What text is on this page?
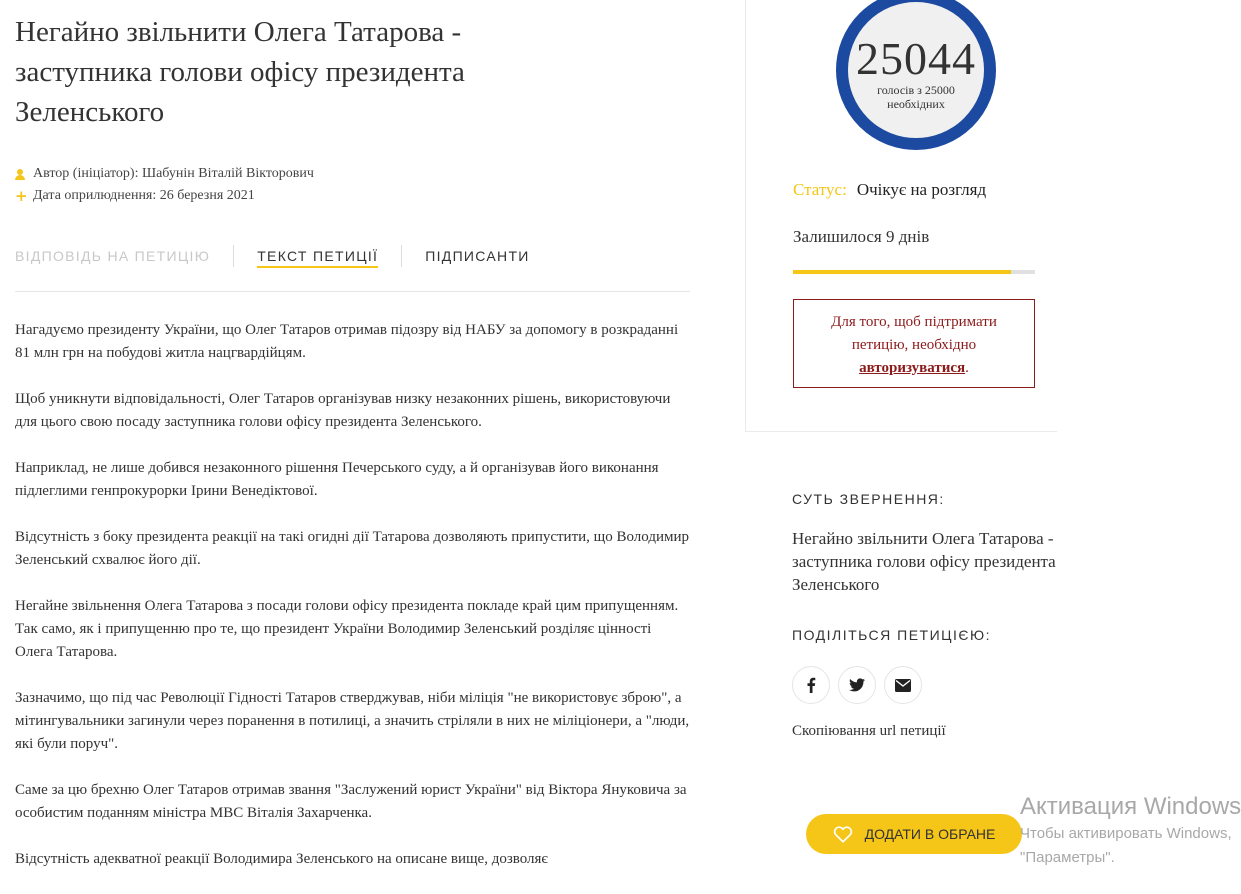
Негайно звільнити Олега Татарова - заступника голови офісу президента Зеленського
Автор (ініціатор): Шабунін Віталій Вікторович
+ Дата оприлюднення: 26 березня 2021
ВІДПОВІДЬ НА ПЕТИЦІЮ	ТЕКСТ ПЕТИЦІЇ	ПІДПИСАНТИ

Нагадуємо президенту України, що Олег Татаров отримав підозру від НАБУ за допомогу в розкраданні 81 млн грн на побудові житла нацгвардійцям.

Щоб уникнути відповідальності, Олег Татаров організував низку незаконних рішень, використовуючи для цього свою посаду заступника голови офісу президента Зеленського.

Наприклад, не лише добився незаконного рішення Печерського суду, а й організував його виконання підлеглими генпрокурорки Ірини Венедіктової.

Відсутність з боку президента реакції на такі огидні дії Татарова дозволяють припустити, що Володимир Зеленський схвалює його дії.

Негайне звільнення Олега Татарова з посади голови офісу президента покладе край цим припущенням. Так само, як і припущенню про те, що президент України Володимир Зеленський розділяє цінності Олега Татарова.

Зазначимо, що під час Революції Гідності Татаров стверджував, ніби міліція "не використовує зброю", а мітингувальники загинули через поранення в потилиці, а значить стріляли в них не міліціонери, а "люди, які були поруч".

Саме за цю брехню Олег Татаров отримав звання "Заслужений юрист України" від Віктора Януковича за особистим поданням міністра МВС Віталія Захарченка.

Відсутність адекватної реакції Володимира Зеленського на описане вище, дозволяє

25044
голосів з 25000
необхідних
Статус: Очікує на розгляд
Залишилося 9 днів
Для того, щоб підтримати
петицію, необхідно
авторизуватися.
СУТЬ ЗВЕРНЕННЯ:
Негайно звільнити Олега Татарова -
заступника голови офісу президента
Зеленського
ПОДІЛІТЬСЯ ПЕТИЦІЄЮ:
Скопіювання url петиції
ДОДАТИ В ОБРАНЕ
Активация Windows
Чтобы активировать Windows,
"Параметры".
